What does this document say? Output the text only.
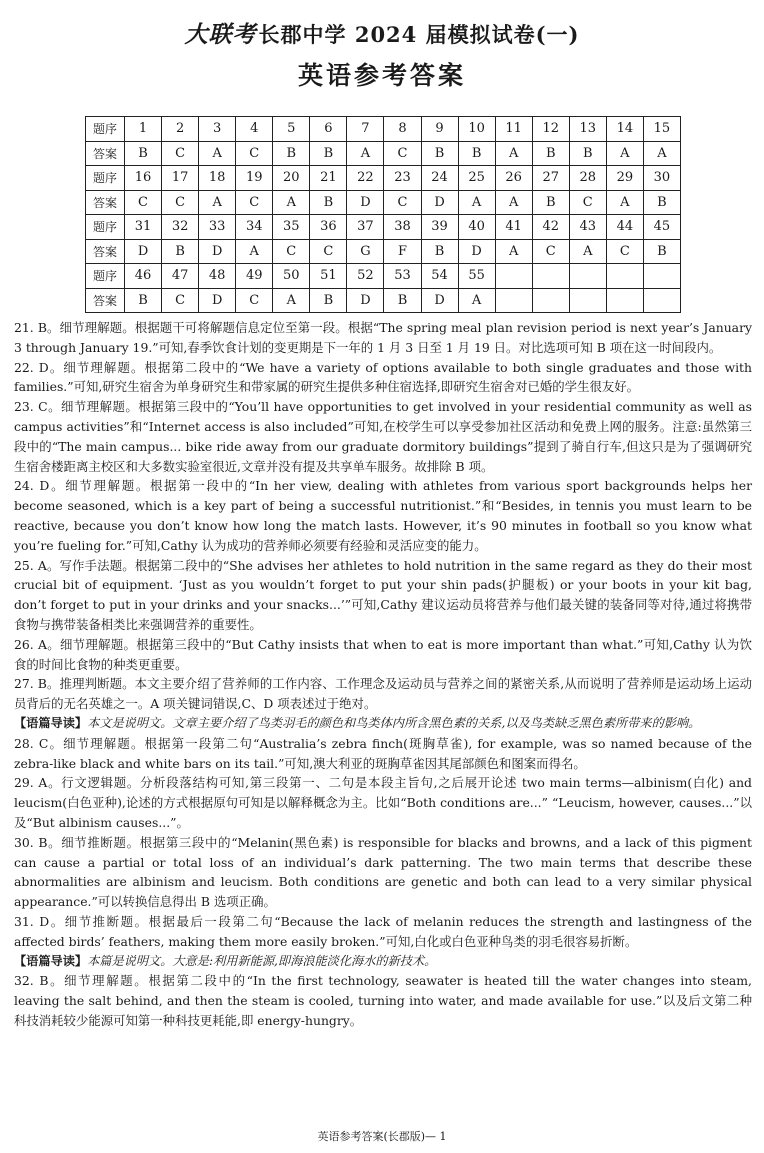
大联考长郡中学 2024 届模拟试卷(一)
英语参考答案
题序	1	2	3	4	5	6	7	8	9	10	11	12	13	14	15
答案	B	C	A	C	B	B	A	C	B	B	A	B	B	A	A
题序	16	17	18	19	20	21	22	23	24	25	26	27	28	29	30
答案	C	C	A	C	A	B	D	C	D	A	A	B	C	A	B
题序	31	32	33	34	35	36	37	38	39	40	41	42	43	44	45
答案	D	B	D	A	C	C	G	F	B	D	A	C	A	C	B
题序	46	47	48	49	50	51	52	53	54	55					
答案	B	C	D	C	A	B	D	B	D	A					

21. B。细节理解题。根据题干可将解题信息定位至第一段。根据“The spring meal plan revision period is next year’s January 3 through January 19.”可知,春季饮食计划的变更期是下一年的 1 月 3 日至 1 月 19 日。对比选项可知 B 项在这一时间段内。

22. D。细节理解题。根据第二段中的“We have a variety of options available to both single graduates and those with families.”可知,研究生宿舍为单身研究生和带家属的研究生提供多种住宿选择,即研究生宿舍对已婚的学生很友好。

23. C。细节理解题。根据第三段中的“You’ll have opportunities to get involved in your residential community as well as campus activities”和“Internet access is also included”可知,在校学生可以享受参加社区活动和免费上网的服务。注意:虽然第三段中的“The main campus... bike ride away from our graduate dormitory buildings”提到了骑自行车,但这只是为了强调研究生宿舍楼距离主校区和大多数实验室很近,文章并没有提及共享单车服务。故排除 B 项。

24. D。细节理解题。根据第一段中的“In her view, dealing with athletes from various sport backgrounds helps her become seasoned, which is a key part of being a successful nutritionist.”和“Besides, in tennis you must learn to be reactive, because you don’t know how long the match lasts. However, it’s 90 minutes in football so you know what you’re fueling for.”可知,Cathy 认为成功的营养师必须要有经验和灵活应变的能力。

25. A。写作手法题。根据第二段中的“She advises her athletes to hold nutrition in the same regard as they do their most crucial bit of equipment. ‘Just as you wouldn’t forget to put your shin pads(护腿板) or your boots in your kit bag, don’t forget to put in your drinks and your snacks...’”可知,Cathy 建议运动员将营养与他们最关键的装备同等对待,通过将携带食物与携带装备相类比来强调营养的重要性。

26. A。细节理解题。根据第三段中的“But Cathy insists that when to eat is more important than what.”可知,Cathy 认为饮食的时间比食物的种类更重要。

27. B。推理判断题。本文主要介绍了营养师的工作内容、工作理念及运动员与营养之间的紧密关系,从而说明了营养师是运动场上运动员背后的无名英雄之一。A 项关键词错误,C、D 项表述过于绝对。

【语篇导读】本文是说明文。文章主要介绍了鸟类羽毛的颜色和鸟类体内所含黑色素的关系,以及鸟类缺乏黑色素所带来的影响。

28. C。细节理解题。根据第一段第二句“Australia’s zebra finch(斑胸草雀), for example, was so named because of the zebra-like black and white bars on its tail.”可知,澳大利亚的斑胸草雀因其尾部颜色和图案而得名。

29. A。行文逻辑题。分析段落结构可知,第三段第一、二句是本段主旨句,之后展开论述 two main terms—albinism(白化) and leucism(白色亚种),论述的方式根据原句可知是以解释概念为主。比如“Both conditions are...” “Leucism, however, causes...”以及“But albinism causes...”。

30. B。细节推断题。根据第三段中的“Melanin(黑色素) is responsible for blacks and browns, and a lack of this pigment can cause a partial or total loss of an individual’s dark patterning. The two main terms that describe these abnormalities are albinism and leucism. Both conditions are genetic and both can lead to a very similar physical appearance.”可以转换信息得出 B 选项正确。

31. D。细节推断题。根据最后一段第二句“Because the lack of melanin reduces the strength and lastingness of the affected birds’ feathers, making them more easily broken.”可知,白化或白色亚种鸟类的羽毛很容易折断。

【语篇导读】本篇是说明文。大意是:利用新能源,即海浪能淡化海水的新技术。

32. B。细节理解题。根据第二段中的“In the first technology, seawater is heated till the water changes into steam, leaving the salt behind, and then the steam is cooled, turning into water, and made available for use.”以及后文第二种科技消耗较少能源可知第一种科技更耗能,即 energy-hungry。

英语参考答案(长郡版)— 1
